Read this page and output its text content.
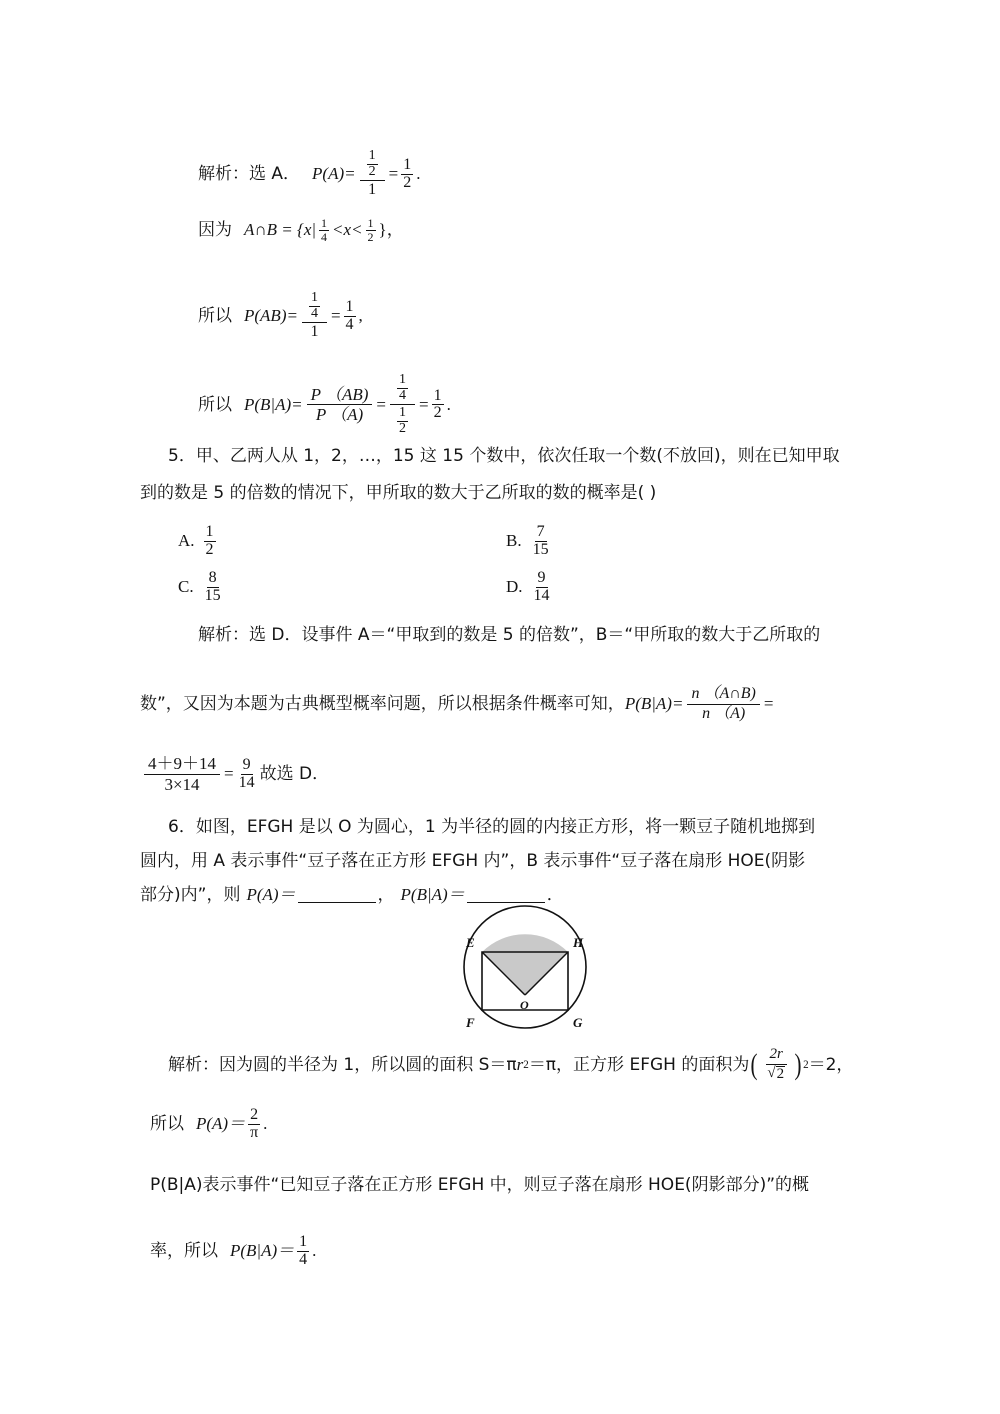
解析：选 A． $P(A)= \frac{\frac{1}{2}}{1} = \frac{1}{2}$ .
因为 A∩B = {$x| \frac{1}{4} <x< \frac{1}{2}$ }，
所以 $P(AB)= \frac{\frac{1}{4}}{1} = \frac{1}{4}$ ,
所以 $P(B|A)= \frac{P (AB)}{P (A)} = \frac{\frac{1}{4}}{\frac{1}{2}} = \frac{1}{2}$ .
5． 甲、乙两人从 1，2，…，15 这 15 个数中，依次任取一个数(不放回)，则在已知甲取
到的数是 5 的倍数的情况下，甲所取的数大于乙所取的数的概率是( )
A. $\frac{1}{2}$	B. $\frac{7}{15}$
C. $\frac{8}{15}$	D. $\frac{9}{14}$
解析：选 D．设事件 A＝“甲取到的数是 5 的倍数”，B＝“甲所取的数大于乙所取的
数”，又因为本题为古典概型概率问题，所以根据条件概率可知， $P(B|A)= \frac{n (A\cap B)}{n (A)}$ =
$\frac{4+9+14}{3\times 14} = \frac{9}{14}$ 故选 D．
6． 如图，EFGH 是以 O 为圆心，1 为半径的圆的内接正方形，将一颗豆子随机地掷到
圆内，用 A 表示事件“豆子落在正方形 EFGH 内”，B 表示事件“豆子落在扇形 HOE(阴影
部分)内”，则 P(A)＝	， P(B|A)＝	．
E	H
F	G
O
解析：因为圆的半径为 1，所以圆的面积 S＝π r 2 ＝π，正方形 EFGH 的面积为 ( $\frac{2r}{√ 2}$ ) 2 ＝2，
所以 $P(A)= \frac{2}{\pi}$ .
P(B|A)表示事件“已知豆子落在正方形 EFGH 中，则豆子落在扇形 HOE(阴影部分)”的概
率，所以 $P(B|A)= \frac{1}{4}$ .
